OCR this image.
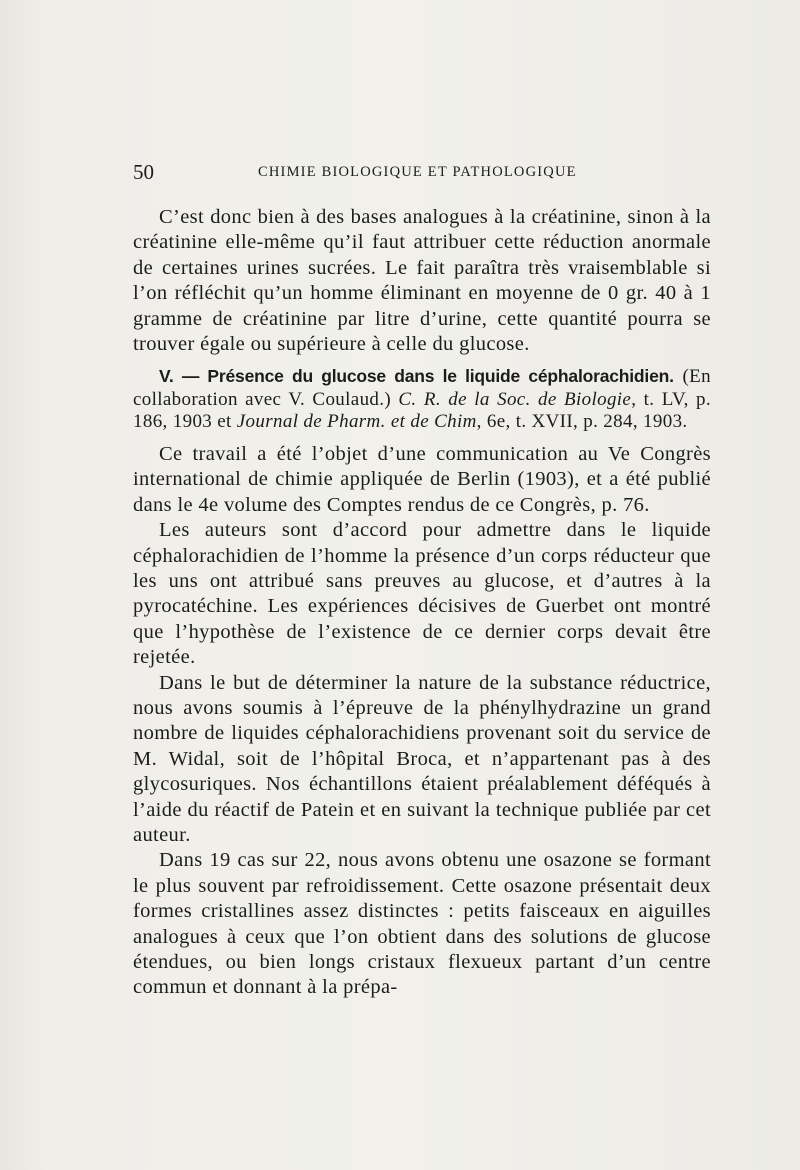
50	CHIMIE BIOLOGIQUE ET PATHOLOGIQUE

C’est donc bien à des bases analogues à la créatinine, sinon à la créatinine elle-même qu’il faut attribuer cette réduction anormale de certaines urines sucrées. Le fait paraîtra très vraisemblable si l’on réfléchit qu’un homme éliminant en moyenne de 0 gr. 40 à 1 gramme de créatinine par litre d’urine, cette quantité pourra se trouver égale ou supérieure à celle du glucose.

V. — Présence du glucose dans le liquide céphalorachidien. (En collaboration avec V. Coulaud.) C. R. de la Soc. de Biologie, t. LV, p. 186, 1903 et Journal de Pharm. et de Chim, 6e, t. XVII, p. 284, 1903.

Ce travail a été l’objet d’une communication au Ve Congrès international de chimie appliquée de Berlin (1903), et a été publié dans le 4e volume des Comptes rendus de ce Congrès, p. 76.

Les auteurs sont d’accord pour admettre dans le liquide céphalorachidien de l’homme la présence d’un corps réducteur que les uns ont attribué sans preuves au glucose, et d’autres à la pyrocatéchine. Les expériences décisives de Guerbet ont montré que l’hypothèse de l’existence de ce dernier corps devait être rejetée.

Dans le but de déterminer la nature de la substance réductrice, nous avons soumis à l’épreuve de la phénylhydrazine un grand nombre de liquides céphalorachidiens provenant soit du service de M. Widal, soit de l’hôpital Broca, et n’appartenant pas à des glycosuriques. Nos échantillons étaient préalablement déféqués à l’aide du réactif de Patein et en suivant la technique publiée par cet auteur.

Dans 19 cas sur 22, nous avons obtenu une osazone se formant le plus souvent par refroidissement. Cette osazone présentait deux formes cristallines assez distinctes : petits faisceaux en aiguilles analogues à ceux que l’on obtient dans des solutions de glucose étendues, ou bien longs cristaux flexueux partant d’un centre commun et donnant à la prépa-
